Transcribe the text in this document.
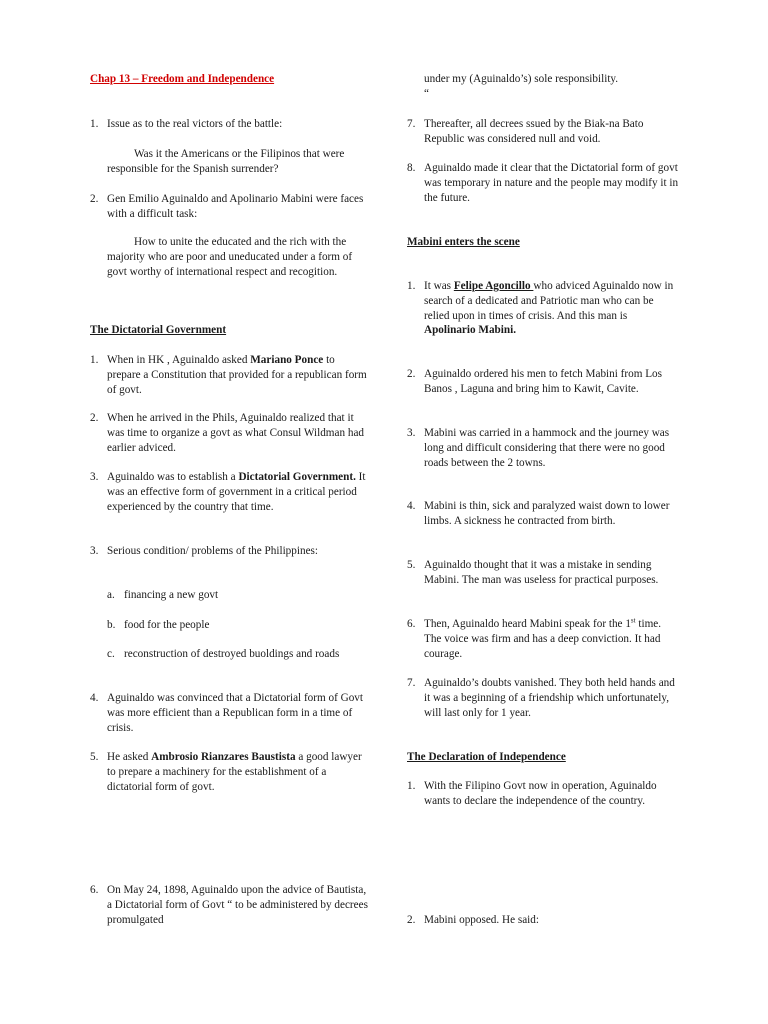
Chap 13 – Freedom and Independence
1. Issue as to the real victors of the battle:
Was it the Americans or the Filipinos that were responsible for the Spanish surrender?
2. Gen Emilio Aguinaldo and Apolinario Mabini were faces with a difficult task:
How to unite the educated and the rich with the majority who are poor and uneducated under a form of govt worthy of international respect and recogition.
The Dictatorial Government
1. When in HK , Aguinaldo asked Mariano Ponce to prepare a Constitution that provided for a republican form of govt.
2. When he arrived in the Phils, Aguinaldo realized that it was time to organize a govt as what Consul Wildman had earlier adviced.
3. Aguinaldo was to establish a Dictatorial Government. It was an effective form of government in a critical period experienced by the country that time.
3. Serious condition/ problems of the Philippines:
a. financing a new govt
b. food for the people
c. reconstruction of destroyed buoldings and roads
4. Aguinaldo was convinced that a Dictatorial form of Govt was more efficient than a Republican form in a time of crisis.
5. He asked Ambrosio Rianzares Baustista a good lawyer to prepare a machinery for the establishment of a dictatorial form of govt.
6. On May 24, 1898, Aguinaldo upon the advice of Bautista, a Dictatorial form of Govt “ to be administered by decrees promulgated
under my (Aguinaldo’s) sole responsibility.
“
7. Thereafter, all decrees ssued by the Biak-na Bato Republic was considered null and void.
8. Aguinaldo made it clear that the Dictatorial form of govt was temporary in nature and the people may modify it in the future.
Mabini enters the scene
1. It was Felipe Agoncillo who adviced Aguinaldo now in search of a dedicated and Patriotic man who can be relied upon in times of crisis. And this man is Apolinario Mabini.
2. Aguinaldo ordered his men to fetch Mabini from Los Banos , Laguna and bring him to Kawit, Cavite.
3. Mabini was carried in a hammock and the journey was long and difficult considering that there were no good roads between the 2 towns.
4. Mabini is thin, sick and paralyzed waist down to lower limbs. A sickness he contracted from birth.
5. Aguinaldo thought that it was a mistake in sending Mabini. The man was useless for practical purposes.
6. Then, Aguinaldo heard Mabini speak for the 1st time. The voice was firm and has a deep conviction. It had courage.
7. Aguinaldo’s doubts vanished. They both held hands and it was a beginning of a friendship which unfortunately, will last only for 1 year.
The Declaration of Independence
1. With the Filipino Govt now in operation, Aguinaldo wants to declare the independence of the country.
2. Mabini opposed. He said:
